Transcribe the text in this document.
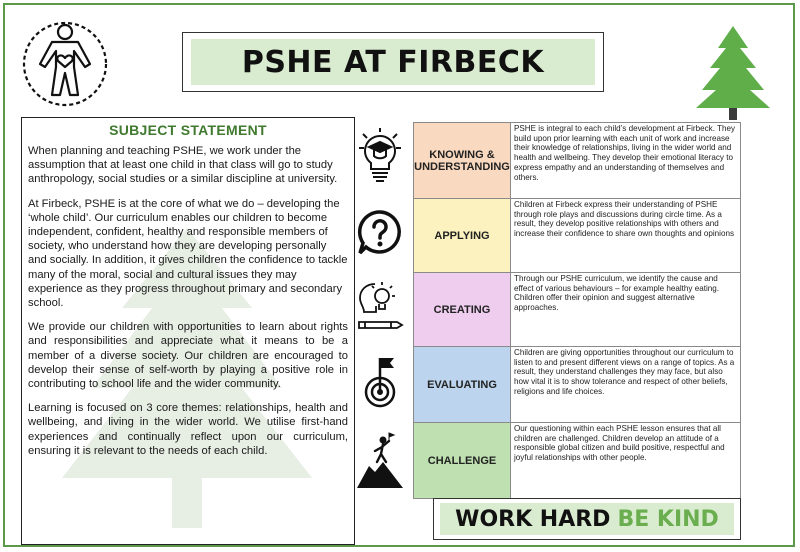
PSHE AT FIRBECK
SUBJECT STATEMENT

When planning and teaching PSHE, we work under the assumption that at least one child in that class will go to study anthropology, social studies or a similar discipline at university.

At Firbeck, PSHE is at the core of what we do – developing the ‘whole child’. Our curriculum enables our children to become independent, confident, healthy and responsible members of society, who understand how they are developing personally and socially. In addition, it gives children the confidence to tackle many of the moral, social and cultural issues they may experience as they progress throughout primary and secondary school.

We provide our children with opportunities to learn about rights and responsibilities and appreciate what it means to be a member of a diverse society. Our children are encouraged to develop their sense of self-worth by playing a positive role in contributing to school life and the wider community.

Learning is focused on 3 core themes: relationships, health and wellbeing, and living in the wider world. We utilise first-hand experiences and continually reflect upon our curriculum, ensuring it is relevant to the needs of each child.

KNOWING &
UNDERSTANDING	PSHE is integral to each child’s development at Firbeck. They build upon prior learning with each unit of work and increase their knowledge of relationships, living in the wider world and health and wellbeing. They develop their emotional literacy to express empathy and an understanding of themselves and others.
APPLYING	Children at Firbeck express their understanding of PSHE through role plays and discussions during circle time. As a result, they develop positive relationships with others and increase their confidence to share own thoughts and opinions
CREATING	Through our PSHE curriculum, we identify the cause and effect of various behaviours – for example healthy eating. Children offer their opinion and suggest alternative approaches.
EVALUATING	Children are giving opportunities throughout our curriculum to listen to and present different views on a range of topics. As a result, they understand challenges they may face, but also how vital it is to show tolerance and respect of other beliefs, religions and life choices.
CHALLENGE	Our questioning within each PSHE lesson ensures that all children are challenged. Children develop an attitude of a responsible global citizen and build positive, respectful and joyful relationships with other people.
WORK HARD BE KIND
